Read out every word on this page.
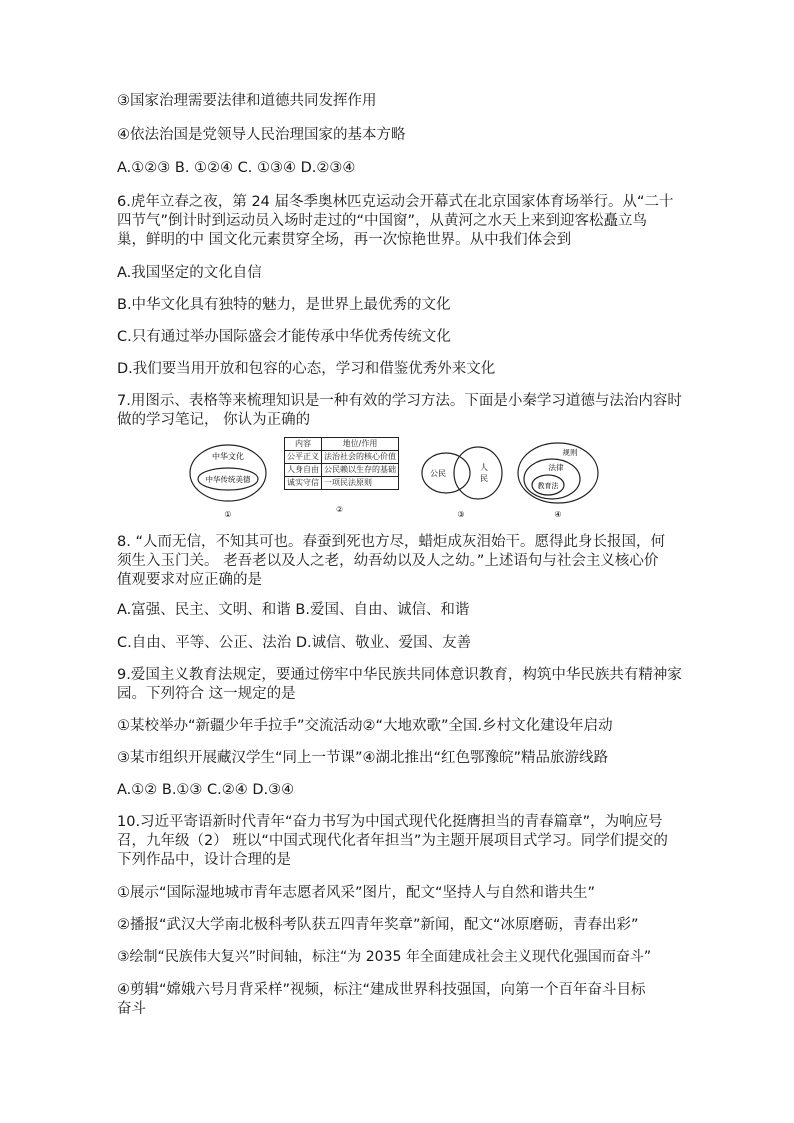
③国家治理需要法律和道德共同发挥作用
④依法治国是党领导人民治理国家的基本方略
A.①②③ B. ①②④ C. ①③④ D.②③④
6.虎年立春之夜，第 24 届冬季奥林匹克运动会开幕式在北京国家体育场举行。从“二十
四节气”倒计时到运动员入场时走过的“中国窗”，从黄河之水天上来到迎客松矗立鸟
巢，鲜明的中 国文化元素贯穿全场，再一次惊艳世界。从中我们体会到
A.我国坚定的文化自信
B.中华文化具有独特的魅力，是世界上最优秀的文化
C.只有通过举办国际盛会才能传承中华优秀传统文化
D.我们要当用开放和包容的心态，学习和借鉴优秀外来文化
7.用图示、表格等来梳理知识是一种有效的学习方法。下面是小秦学习道德与法治内容时
做的学习笔记， 你认为正确的
中华文化
中华传统美德
①
内容	地位/作用
公平正义	法治社会的核心价值
人身自由	公民赖以生存的基础
诚实守信	一项民法原则
②
公民
人
民
③
规则
法律
教育法
④
8. “人而无信，不知其可也。春蚕到死也方尽，蜡炬成灰泪始干。愿得此身长报国，何
须生入玉门关。 老吾老以及人之老，幼吾幼以及人之幼。”上述语句与社会主义核心价
值观要求对应正确的是
A.富强、民主、文明、和谐 B.爱国、自由、诚信、和谐
C.自由、平等、公正、法治 D.诚信、敬业、爱国、友善
9.爱国主义教育法规定，要通过傍牢中华民族共同体意识教育，构筑中华民族共有精神家
园。下列符合 这一规定的是
①某校举办“新疆少年手拉手”交流活动②“大地欢歌”全国.乡村文化建设年启动
③某市组织开展藏汉学生“同上一节课”④湖北推出“红色鄂豫皖”精品旅游线路
A.①② B.①③ C.②④ D.③④
10.习近平寄语新时代青年“奋力书写为中国式现代化挺膺担当的青春篇章”，为响应号
召，九年级（2） 班以“中国式现代化者年担当”为主题开展项目式学习。同学们提交的
下列作品中，设计合理的是
①展示“国际湿地城市青年志愿者风采”图片，配文“坚持人与自然和谐共生”
②播报“武汉大学南北极科考队获五四青年奖章”新闻，配文“冰原磨砺，青春出彩”
③绘制“民族伟大复兴”时间轴，标注“为 2035 年全面建成社会主义现代化强国而奋斗”
④剪辑“嫦娥六号月背采样”视频，标注“建成世界科技强国，向第一个百年奋斗目标
奋斗
